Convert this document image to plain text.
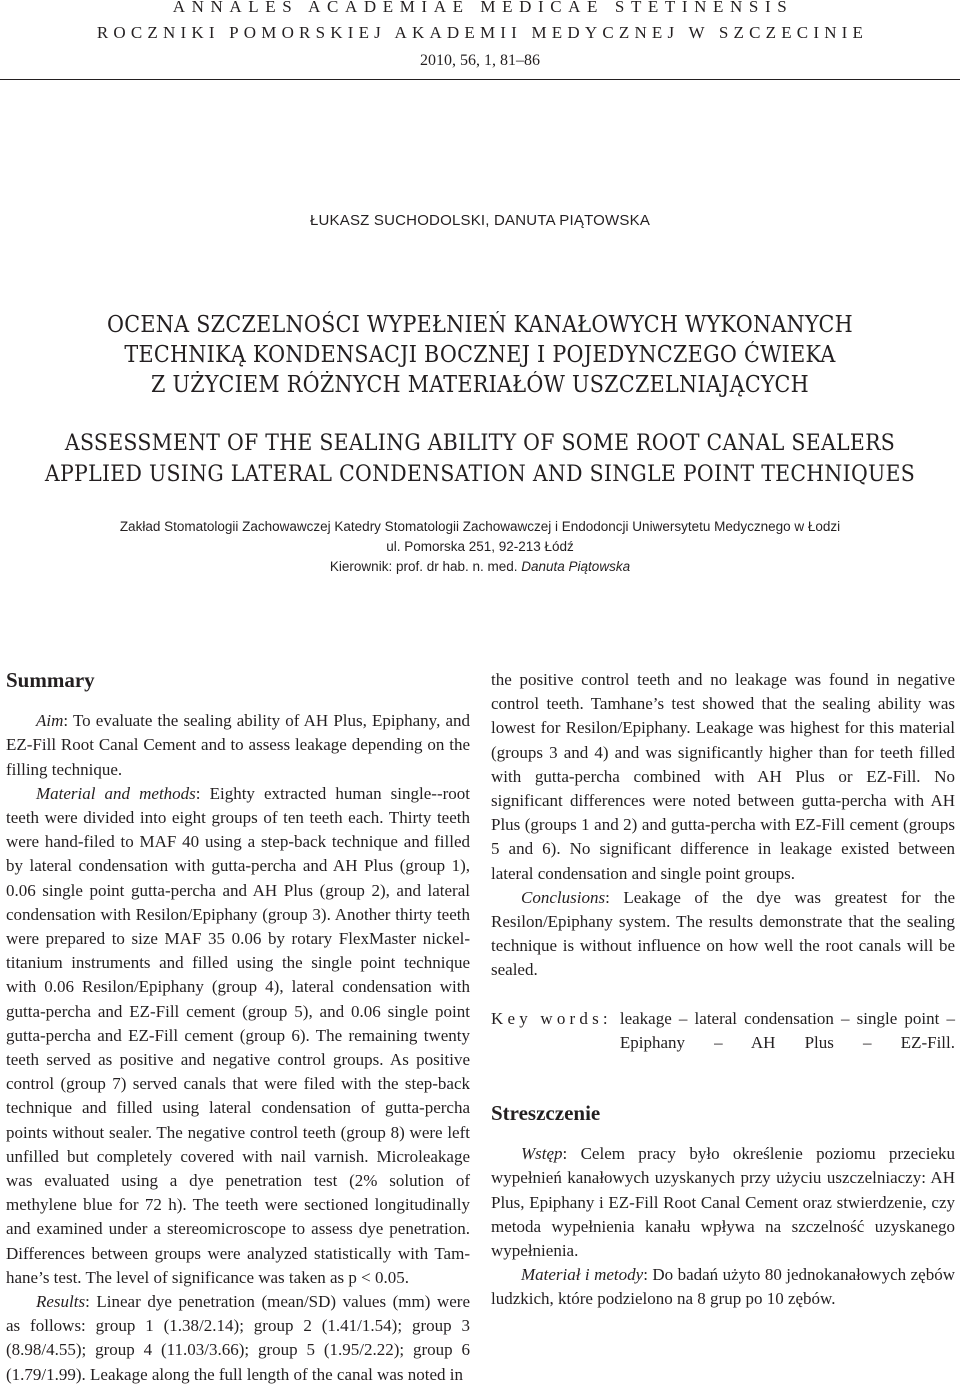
ANNALES ACADEMIAE MEDICAE STETINENSIS
ROCZNIKI POMORSKIEJ AKADEMII MEDYCZNEJ W SZCZECINIE
2010, 56, 1, 81–86
ŁUKASZ SUCHODOLSKI, DANUTA PIĄTOWSKA
OCENA SZCZELNOŚCI WYPEŁNIEŃ KANAŁOWYCH WYKONANYCH
TECHNIKĄ KONDENSACJI BOCZNEJ I POJEDYNCZEGO ĆWIEKA
Z UŻYCIEM RÓŻNYCH MATERIAŁÓW USZCZELNIAJĄCYCH
ASSESSMENT OF THE SEALING ABILITY OF SOME ROOT CANAL SEALERS
APPLIED USING LATERAL CONDENSATION AND SINGLE POINT TECHNIQUES
Zakład Stomatologii Zachowawczej Katedry Stomatologii Zachowawczej i Endodoncji Uniwersytetu Medycznego w Łodzi
ul. Pomorska 251, 92-213 Łódź
Kierownik: prof. dr hab. n. med. Danuta Piątowska

Summary

Aim: To evaluate the sealing ability of AH Plus, Epiphany, and EZ-Fill Root Canal Cement and to assess leakage depending on the filling technique.

Material and methods: Eighty extracted human single--root teeth were divided into eight groups of ten teeth each. Thirty teeth were hand-filed to MAF 40 using a step-back technique and filled by lateral condensation with gutta-percha and AH Plus (group 1), 0.06 single point gutta-percha and AH Plus (group 2), and lateral condensation with Resilon/Epiphany (group 3). Another thirty teeth were prepared to size MAF 35 0.06 by rotary FlexMaster nickel-titanium instruments and filled using the single point technique with 0.06 Resilon/Epiphany (group 4), lateral condensation with gutta-percha and EZ-Fill cement (group 5), and 0.06 single point gutta-percha and EZ-Fill cement (group 6). The remaining twenty teeth served as positive and negative control groups. As positive control (group 7) served canals that were filed with the step-back technique and filled using lateral condensation of gutta-percha points without sealer. The negative control teeth (group 8) were left unfilled but completely covered with nail varnish. Microleakage was evaluated using a dye penetration test (2% solution of methylene blue for 72 h). The teeth were sectioned longitudinally and examined under a stereomicroscope to assess dye penetration. Differences between groups were analyzed statistically with Tamhane’s test. The level of significance was taken as p < 0.05.

Results: Linear dye penetration (mean/SD) values (mm) were as follows: group 1 (1.38/2.14); group 2 (1.41/1.54); group 3 (8.98/4.55); group 4 (11.03/3.66); group 5 (1.95/2.22); group 6 (1.79/1.99). Leakage along the full length of the canal was noted in

the positive control teeth and no leakage was found in negative control teeth. Tamhane’s test showed that the sealing ability was lowest for Resilon/Epiphany. Leakage was highest for this material (groups 3 and 4) and was significantly higher than for teeth filled with gutta-percha combined with AH Plus or EZ-Fill. No significant differences were noted between gutta-percha with AH Plus (groups 1 and 2) and gutta-percha with EZ-Fill cement (groups 5 and 6). No significant difference in leakage existed between lateral condensation and single point groups.

Conclusions: Leakage of the dye was greatest for the Resilon/Epiphany system. The results demonstrate that the sealing technique is without influence on how well the root canals will be sealed.

Key words: leakage – lateral condensation – single point – Epiphany – AH Plus – EZ-Fill.

Streszczenie

Wstęp: Celem pracy było określenie poziomu przecieku wypełnień kanałowych uzyskanych przy użyciu uszczelniaczy: AH Plus, Epiphany i EZ-Fill Root Canal Cement oraz stwierdzenie, czy metoda wypełnienia kanału wpływa na szczelność uzyskanego wypełnienia.

Materiał i metody: Do badań użyto 80 jednokanałowych zębów ludzkich, które podzielono na 8 grup po 10 zębów.
